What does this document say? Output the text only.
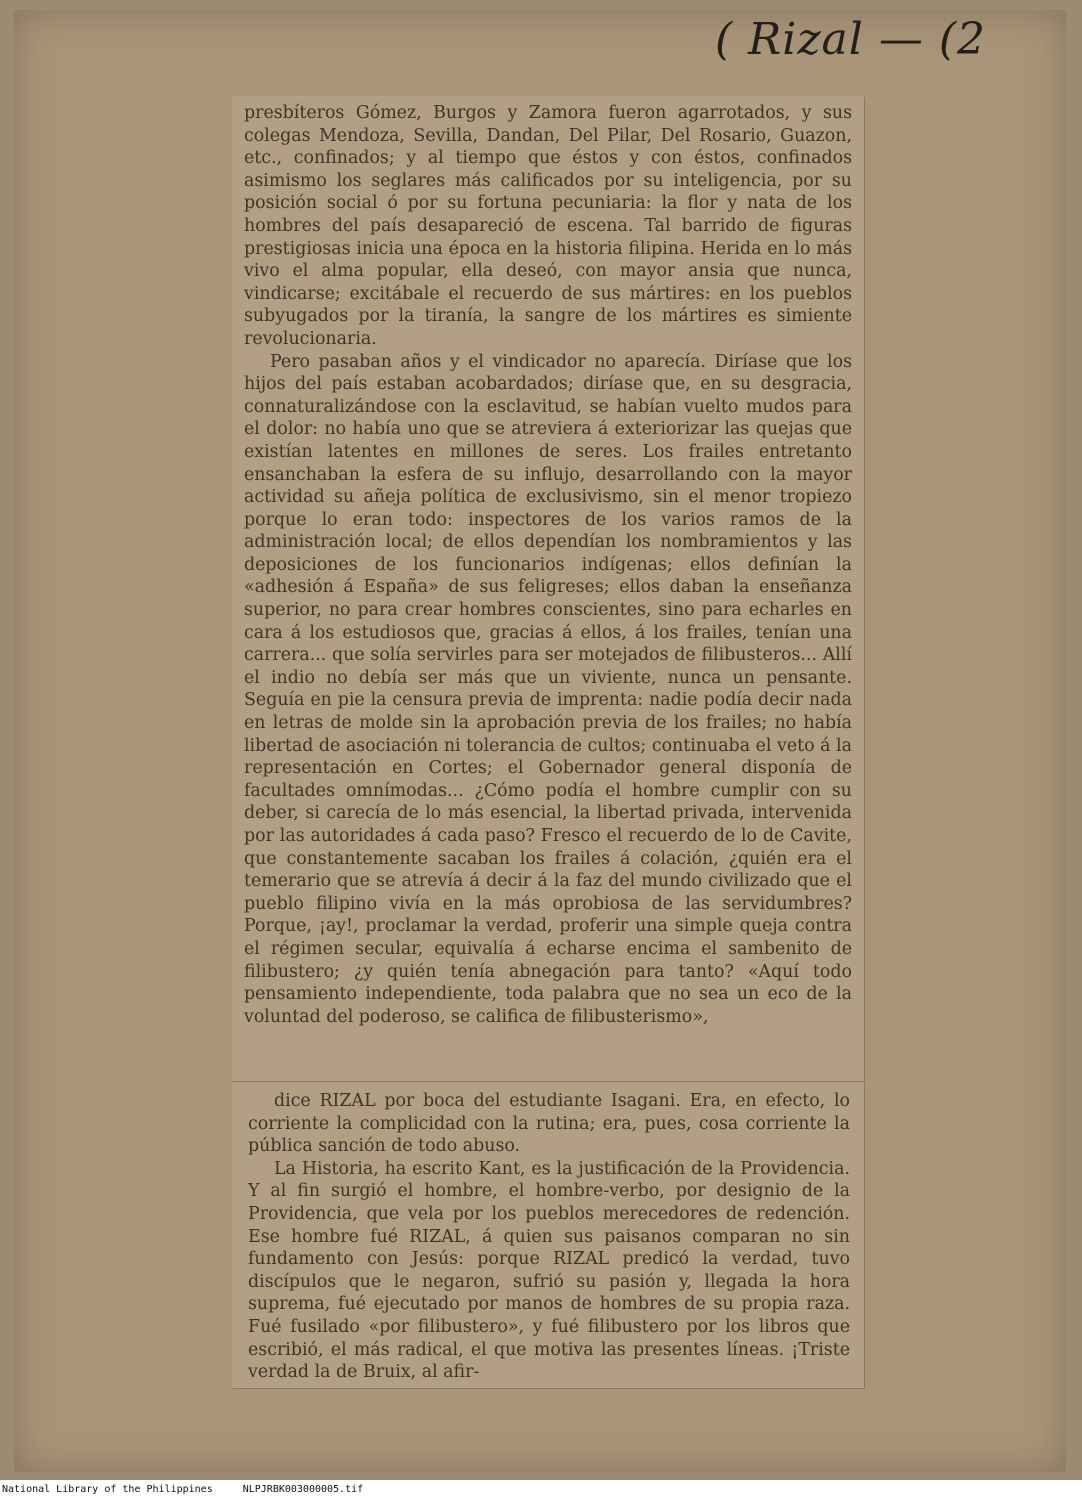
( Rizal — (2

presbíteros Gómez, Burgos y Zamora fueron agarrotados, y sus colegas Mendoza, Sevilla, Dandan, Del Pilar, Del Rosario, Guazon, etc., confinados; y al tiempo que éstos y con éstos, confinados asimismo los seglares más calificados por su inteligencia, por su posición social ó por su fortuna pecuniaria: la flor y nata de los hombres del país desapareció de escena. Tal barrido de figuras prestigiosas inicia una época en la historia filipina. Herida en lo más vivo el alma popular, ella deseó, con mayor ansia que nunca, vindicarse; excitábale el recuerdo de sus mártires: en los pueblos subyugados por la tiranía, la sangre de los mártires es simiente revolucionaria.

Pero pasaban años y el vindicador no aparecía. Diríase que los hijos del país estaban acobardados; diríase que, en su desgracia, connaturalizándose con la esclavitud, se habían vuelto mudos para el dolor: no había uno que se atreviera á exteriorizar las quejas que existían latentes en millones de seres. Los frailes entretanto ensanchaban la esfera de su influjo, desarrollando con la mayor actividad su añeja política de exclusivismo, sin el menor tropiezo porque lo eran todo: inspectores de los varios ramos de la administración local; de ellos dependían los nombramientos y las deposiciones de los funcionarios indígenas; ellos definían la «adhesión á España» de sus feligreses; ellos daban la enseñanza superior, no para crear hombres conscientes, sino para echarles en cara á los estudiosos que, gracias á ellos, á los frailes, tenían una carrera... que solía servirles para ser motejados de filibusteros... Allí el indio no debía ser más que un viviente, nunca un pensante. Seguía en pie la censura previa de imprenta: nadie podía decir nada en letras de molde sin la aprobación previa de los frailes; no había libertad de asociación ni tolerancia de cultos; continuaba el veto á la representación en Cortes; el Gobernador general disponía de facultades omnímodas... ¿Cómo podía el hombre cumplir con su deber, si carecía de lo más esencial, la libertad privada, intervenida por las autoridades á cada paso? Fresco el recuerdo de lo de Cavite, que constantemente sacaban los frailes á colación, ¿quién era el temerario que se atrevía á decir á la faz del mundo civilizado que el pueblo filipino vivía en la más oprobiosa de las servidumbres? Porque, ¡ay!, proclamar la verdad, proferir una simple queja contra el régimen secular, equivalía á echarse encima el sambenito de filibustero; ¿y quién tenía abnegación para tanto? «Aquí todo pensamiento independiente, toda palabra que no sea un eco de la voluntad del poderoso, se califica de filibusterismo»,

dice RIZAL por boca del estudiante Isagani. Era, en efecto, lo corriente la complicidad con la rutina; era, pues, cosa corriente la pública sanción de todo abuso.

La Historia, ha escrito Kant, es la justificación de la Providencia. Y al fin surgió el hombre, el hombre-verbo, por designio de la Providencia, que vela por los pueblos merecedores de redención. Ese hombre fué RIZAL, á quien sus paisanos comparan no sin fundamento con Jesús: porque RIZAL predicó la verdad, tuvo discípulos que le negaron, sufrió su pasión y, llegada la hora suprema, fué ejecutado por manos de hombres de su propia raza. Fué fusilado «por filibustero», y fué filibustero por los libros que escribió, el más radical, el que motiva las presentes líneas. ¡Triste verdad la de Bruix, al afir-

National Library of the Philippines	NLPJRBK003000005.tif
